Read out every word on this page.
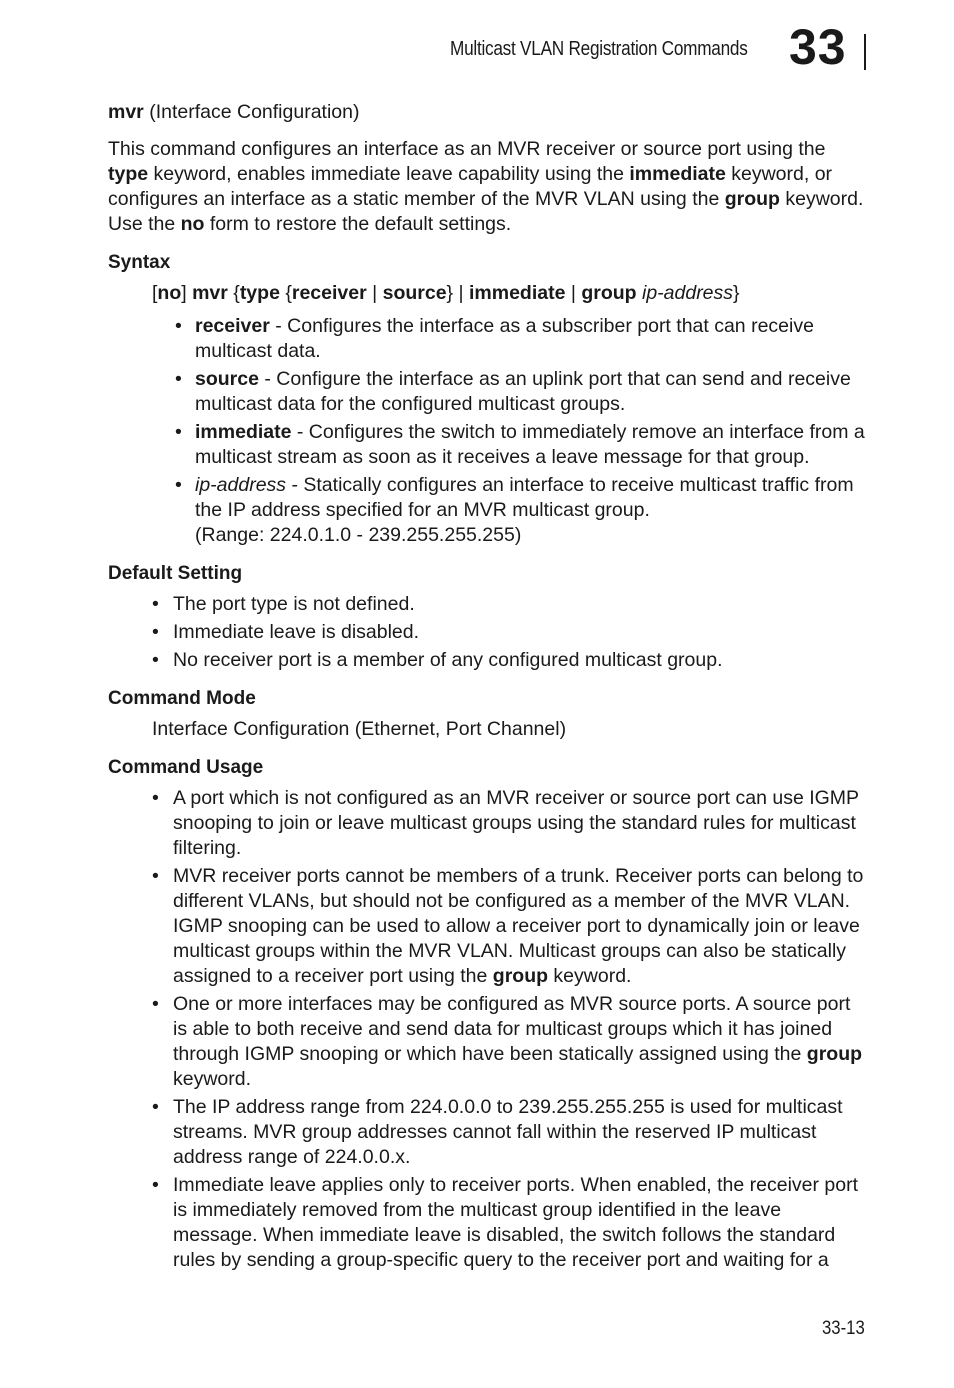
Multicast VLAN Registration Commands 33
mvr (Interface Configuration)

This command configures an interface as an MVR receiver or source port using the type keyword, enables immediate leave capability using the immediate keyword, or configures an interface as a static member of the MVR VLAN using the group keyword. Use the no form to restore the default settings.

Syntax
[no] mvr {type {receiver | source} | immediate | group ip-address}
• receiver - Configures the interface as a subscriber port that can receive multicast data.
• source - Configure the interface as an uplink port that can send and receive multicast data for the configured multicast groups.
• immediate - Configures the switch to immediately remove an interface from a multicast stream as soon as it receives a leave message for that group.
• ip-address - Statically configures an interface to receive multicast traffic from the IP address specified for an MVR multicast group.
(Range: 224.0.1.0 - 239.255.255.255)
Default Setting
• The port type is not defined.
• Immediate leave is disabled.
• No receiver port is a member of any configured multicast group.
Command Mode
Interface Configuration (Ethernet, Port Channel)
Command Usage
• A port which is not configured as an MVR receiver or source port can use IGMP snooping to join or leave multicast groups using the standard rules for multicast filtering.
• MVR receiver ports cannot be members of a trunk. Receiver ports can belong to different VLANs, but should not be configured as a member of the MVR VLAN. IGMP snooping can be used to allow a receiver port to dynamically join or leave multicast groups within the MVR VLAN. Multicast groups can also be statically assigned to a receiver port using the group keyword.
• One or more interfaces may be configured as MVR source ports. A source port is able to both receive and send data for multicast groups which it has joined through IGMP snooping or which have been statically assigned using the group keyword.
• The IP address range from 224.0.0.0 to 239.255.255.255 is used for multicast streams. MVR group addresses cannot fall within the reserved IP multicast address range of 224.0.0.x.
• Immediate leave applies only to receiver ports. When enabled, the receiver port is immediately removed from the multicast group identified in the leave message. When immediate leave is disabled, the switch follows the standard rules by sending a group-specific query to the receiver port and waiting for a
33-13
